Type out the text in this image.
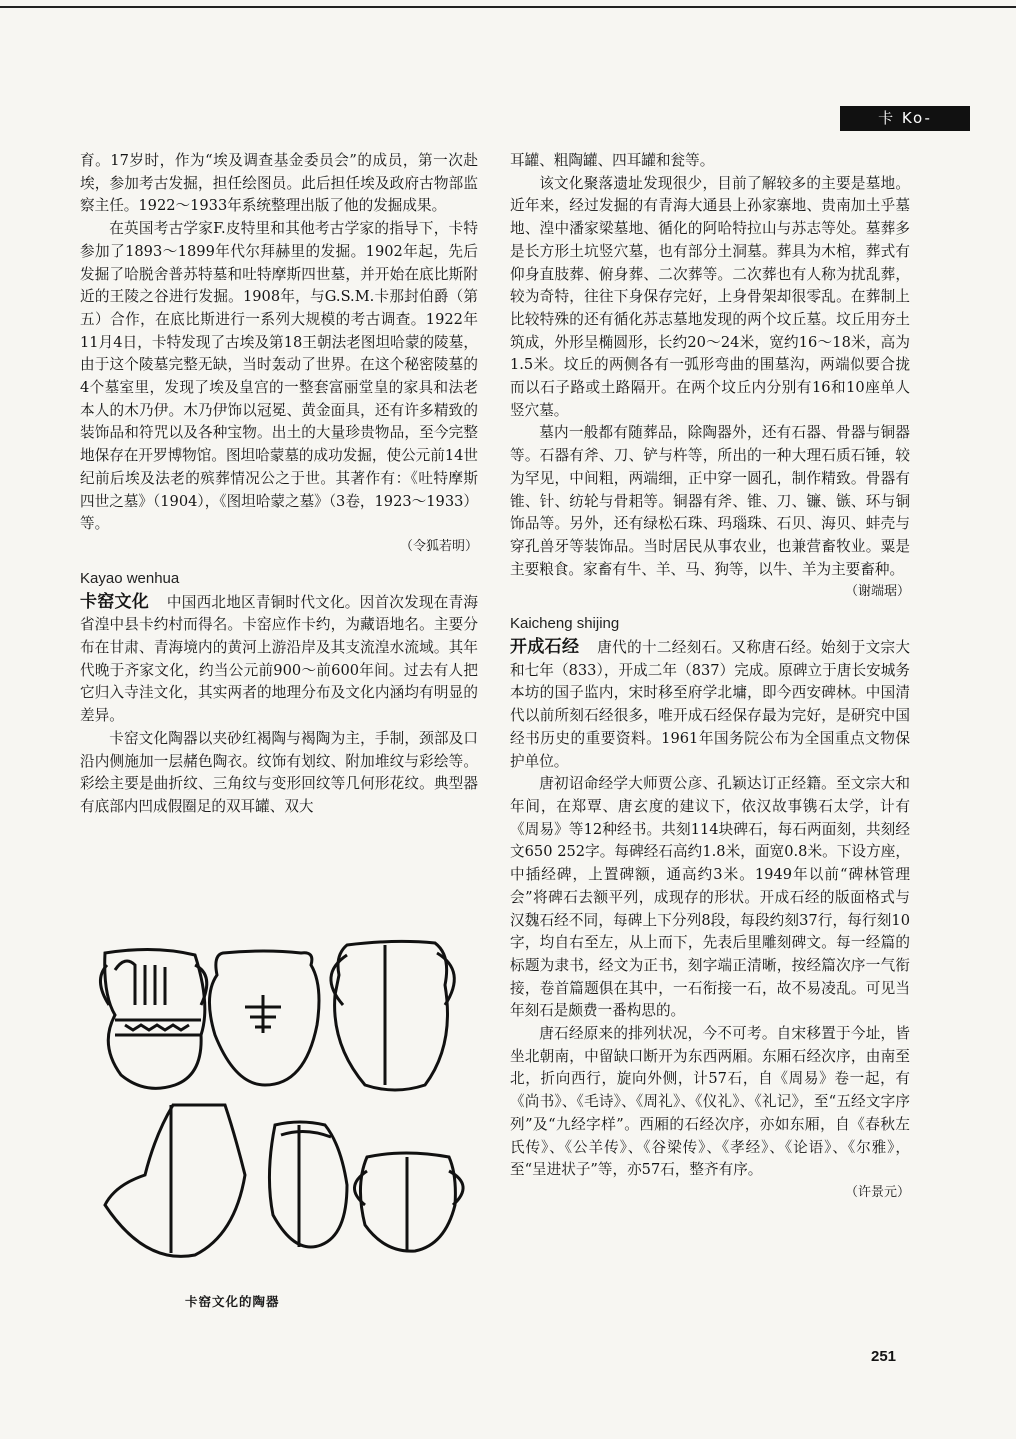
卡 Ko-

育。17岁时，作为“埃及调查基金委员会”的成员，第一次赴埃，参加考古发掘，担任绘图员。此后担任埃及政府古物部监察主任。1922～1933年系统整理出版了他的发掘成果。

在英国考古学家F.皮特里和其他考古学家的指导下，卡特参加了1893～1899年代尔拜赫里的发掘。1902年起，先后发掘了哈脱舍普苏特墓和吐特摩斯四世墓，并开始在底比斯附近的王陵之谷进行发掘。1908年，与G.S.M.卡那封伯爵（第五）合作，在底比斯进行一系列大规模的考古调查。1922年11月4日，卡特发现了古埃及第18王朝法老图坦哈蒙的陵墓，由于这个陵墓完整无缺，当时轰动了世界。在这个秘密陵墓的4个墓室里，发现了埃及皇宫的一整套富丽堂皇的家具和法老本人的木乃伊。木乃伊饰以冠冕、黄金面具，还有许多精致的装饰品和符咒以及各种宝物。出土的大量珍贵物品，至今完整地保存在开罗博物馆。图坦哈蒙墓的成功发掘，使公元前14世纪前后埃及法老的殡葬情况公之于世。其著作有：《吐特摩斯四世之墓》（1904），《图坦哈蒙之墓》（3卷，1923～1933）等。

（令狐若明）

Kayao wenhua

卡窑文化 中国西北地区青铜时代文化。因首次发现在青海省湟中县卡约村而得名。卡窑应作卡约，为藏语地名。主要分布在甘肃、青海境内的黄河上游沿岸及其支流湟水流域。其年代晚于齐家文化，约当公元前900～前600年间。过去有人把它归入寺洼文化，其实两者的地理分布及文化内涵均有明显的差异。

卡窑文化陶器以夹砂红褐陶与褐陶为主，手制，颈部及口沿内侧施加一层赭色陶衣。纹饰有划纹、附加堆纹与彩绘等。彩绘主要是曲折纹、三角纹与变形回纹等几何形花纹。典型器有底部内凹成假圈足的双耳罐、双大

卡窑文化的陶器

耳罐、粗陶罐、四耳罐和瓮等。

该文化聚落遗址发现很少，目前了解较多的主要是墓地。近年来，经过发掘的有青海大通县上孙家寨地、贵南加土乎墓地、湟中潘家梁墓地、循化的阿哈特拉山与苏志等处。墓葬多是长方形土坑竖穴墓，也有部分土洞墓。葬具为木棺，葬式有仰身直肢葬、俯身葬、二次葬等。二次葬也有人称为扰乱葬，较为奇特，往往下身保存完好，上身骨架却很零乱。在葬制上比较特殊的还有循化苏志墓地发现的两个坟丘墓。坟丘用夯土筑成，外形呈椭圆形，长约20～24米，宽约16～18米，高为1.5米。坟丘的两侧各有一弧形弯曲的围墓沟，两端似要合拢而以石子路或土路隔开。在两个坟丘内分别有16和10座单人竖穴墓。

墓内一般都有随葬品，除陶器外，还有石器、骨器与铜器等。石器有斧、刀、铲与杵等，所出的一种大理石质石锤，较为罕见，中间粗，两端细，正中穿一圆孔，制作精致。骨器有锥、针、纺轮与骨耜等。铜器有斧、锥、刀、镰、镞、环与铜饰品等。另外，还有绿松石珠、玛瑙珠、石贝、海贝、蚌壳与穿孔兽牙等装饰品。当时居民从事农业，也兼营畜牧业。粟是主要粮食。家畜有牛、羊、马、狗等，以牛、羊为主要畜种。

（谢端琚）

Kaicheng shijing

开成石经 唐代的十二经刻石。又称唐石经。始刻于文宗大和七年（833），开成二年（837）完成。原碑立于唐长安城务本坊的国子监内，宋时移至府学北墉，即今西安碑林。中国清代以前所刻石经很多，唯开成石经保存最为完好，是研究中国经书历史的重要资料。1961年国务院公布为全国重点文物保护单位。

唐初诏命经学大师贾公彦、孔颖达订正经籍。至文宗大和年间，在郑覃、唐玄度的建议下，依汉故事镌石太学，计有《周易》等12种经书。共刻114块碑石，每石两面刻，共刻经文650 252字。每碑经石高约1.8米，面宽0.8米。下设方座，中插经碑，上置碑额，通高约3米。1949年以前“碑林管理会”将碑石去额平列，成现存的形状。开成石经的版面格式与汉魏石经不同，每碑上下分列8段，每段约刻37行，每行刻10字，均自右至左，从上而下，先表后里雕刻碑文。每一经篇的标题为隶书，经文为正书，刻字端正清晰，按经篇次序一气衔接，卷首篇题俱在其中，一石衔接一石，故不易凌乱。可见当年刻石是颇费一番构思的。

唐石经原来的排列状况，今不可考。自宋移置于今址，皆坐北朝南，中留缺口断开为东西两厢。东厢石经次序，由南至北，折向西行，旋向外侧，计57石，自《周易》卷一起，有《尚书》、《毛诗》、《周礼》、《仪礼》、《礼记》，至“五经文字序列”及“九经字样”。西厢的石经次序，亦如东厢，自《春秋左氏传》、《公羊传》、《谷梁传》、《孝经》、《论语》、《尔雅》，至“呈进状子”等，亦57石，整齐有序。

（许景元）

251
